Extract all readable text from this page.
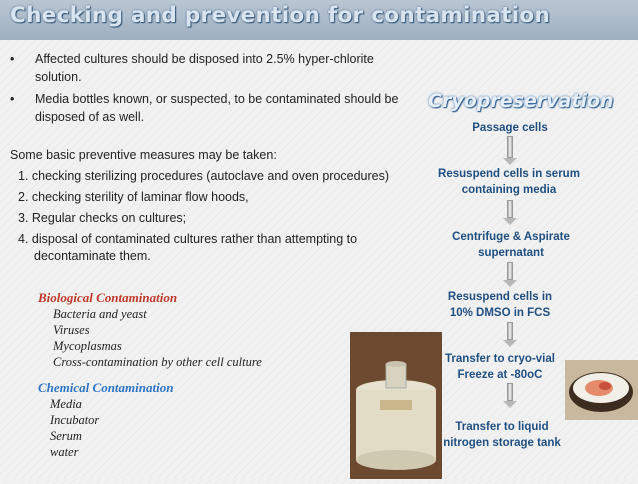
Checking and prevention for contamination
• Affected cultures should be disposed into 2.5% hyper-chlorite solution.
• Media bottles known, or suspected, to be contaminated should be disposed of as well.

Some basic preventive measures may be taken:

1. checking sterilizing procedures (autoclave and oven procedures)
2. checking sterility of laminar flow hoods,
3. Regular checks on cultures;
4. disposal of contaminated cultures rather than attempting to decontaminate them.
Biological Contamination
Bacteria and yeast
Viruses
Mycoplasmas
Cross-contamination by other cell culture
Chemical Contamination
Media
Incubator
Serum
water
Cryopreservation
Passage cells
Resuspend cells in serum containing media
Centrifuge & Aspirate supernatant
Resuspend cells in 10% DMSO in FCS
Transfer to cryo-vial Freeze at -80oC
Transfer to liquid nitrogen storage tank
